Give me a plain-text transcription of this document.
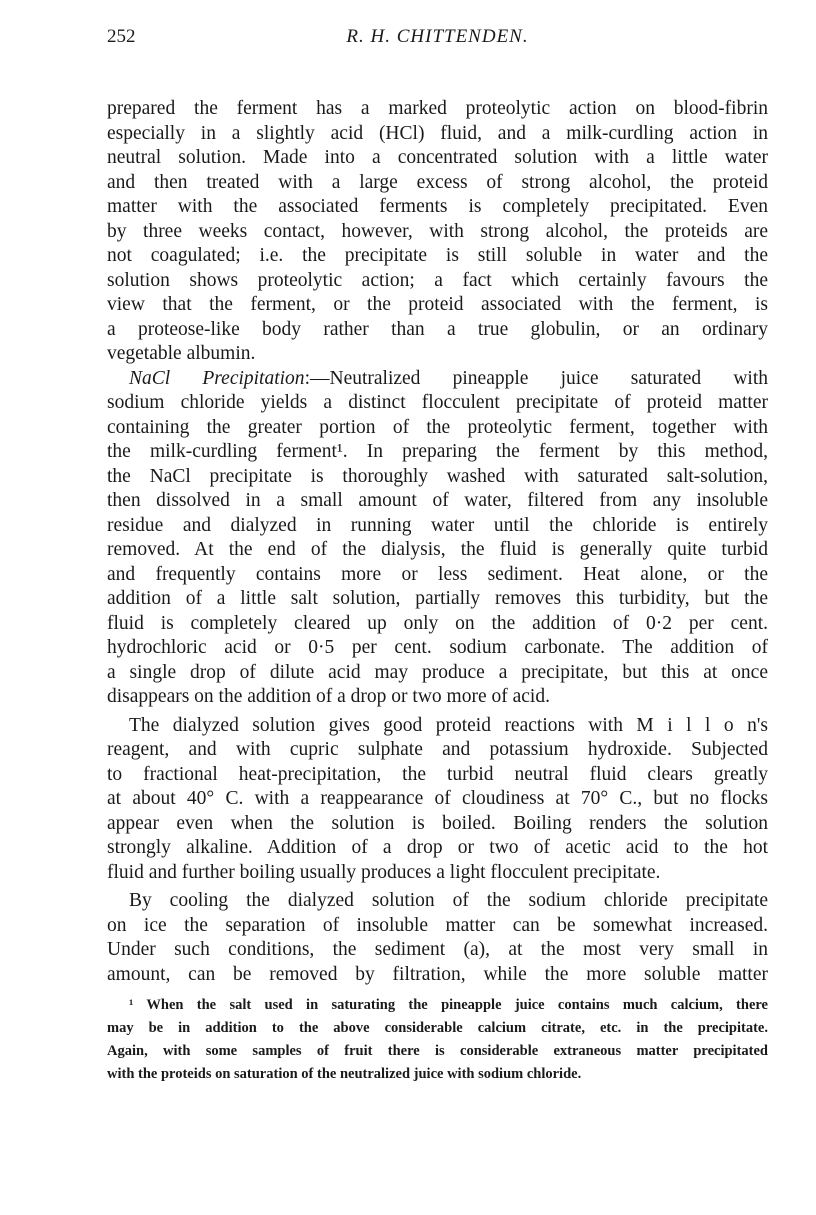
252	R. H. CHITTENDEN.
prepared the ferment has a marked proteolytic action on blood-fibrin
especially in a slightly acid (HCl) fluid, and a milk-curdling action in
neutral solution. Made into a concentrated solution with a little water
and then treated with a large excess of strong alcohol, the proteid
matter with the associated ferments is completely precipitated. Even
by three weeks contact, however, with strong alcohol, the proteids are
not coagulated; i.e. the precipitate is still soluble in water and the
solution shows proteolytic action; a fact which certainly favours the
view that the ferment, or the proteid associated with the ferment, is
a proteose-like body rather than a true globulin, or an ordinary
vegetable albumin.
NaCl Precipitation:—Neutralized pineapple juice saturated with
sodium chloride yields a distinct flocculent precipitate of proteid matter
containing the greater portion of the proteolytic ferment, together with
the milk-curdling ferment¹. In preparing the ferment by this method,
the NaCl precipitate is thoroughly washed with saturated salt-solution,
then dissolved in a small amount of water, filtered from any insoluble
residue and dialyzed in running water until the chloride is entirely
removed. At the end of the dialysis, the fluid is generally quite turbid
and frequently contains more or less sediment. Heat alone, or the
addition of a little salt solution, partially removes this turbidity, but the
fluid is completely cleared up only on the addition of 0·2 per cent.
hydrochloric acid or 0·5 per cent. sodium carbonate. The addition of
a single drop of dilute acid may produce a precipitate, but this at once
disappears on the addition of a drop or two more of acid.
The dialyzed solution gives good proteid reactions with M i l l o n's
reagent, and with cupric sulphate and potassium hydroxide. Subjected
to fractional heat-precipitation, the turbid neutral fluid clears greatly
at about 40° C. with a reappearance of cloudiness at 70° C., but no flocks
appear even when the solution is boiled. Boiling renders the solution
strongly alkaline. Addition of a drop or two of acetic acid to the hot
fluid and further boiling usually produces a light flocculent precipitate.
By cooling the dialyzed solution of the sodium chloride precipitate
on ice the separation of insoluble matter can be somewhat increased.
Under such conditions, the sediment (a), at the most very small in
amount, can be removed by filtration, while the more soluble matter
¹ When the salt used in saturating the pineapple juice contains much calcium, there
may be in addition to the above considerable calcium citrate, etc. in the precipitate.
Again, with some samples of fruit there is considerable extraneous matter precipitated
with the proteids on saturation of the neutralized juice with sodium chloride.
